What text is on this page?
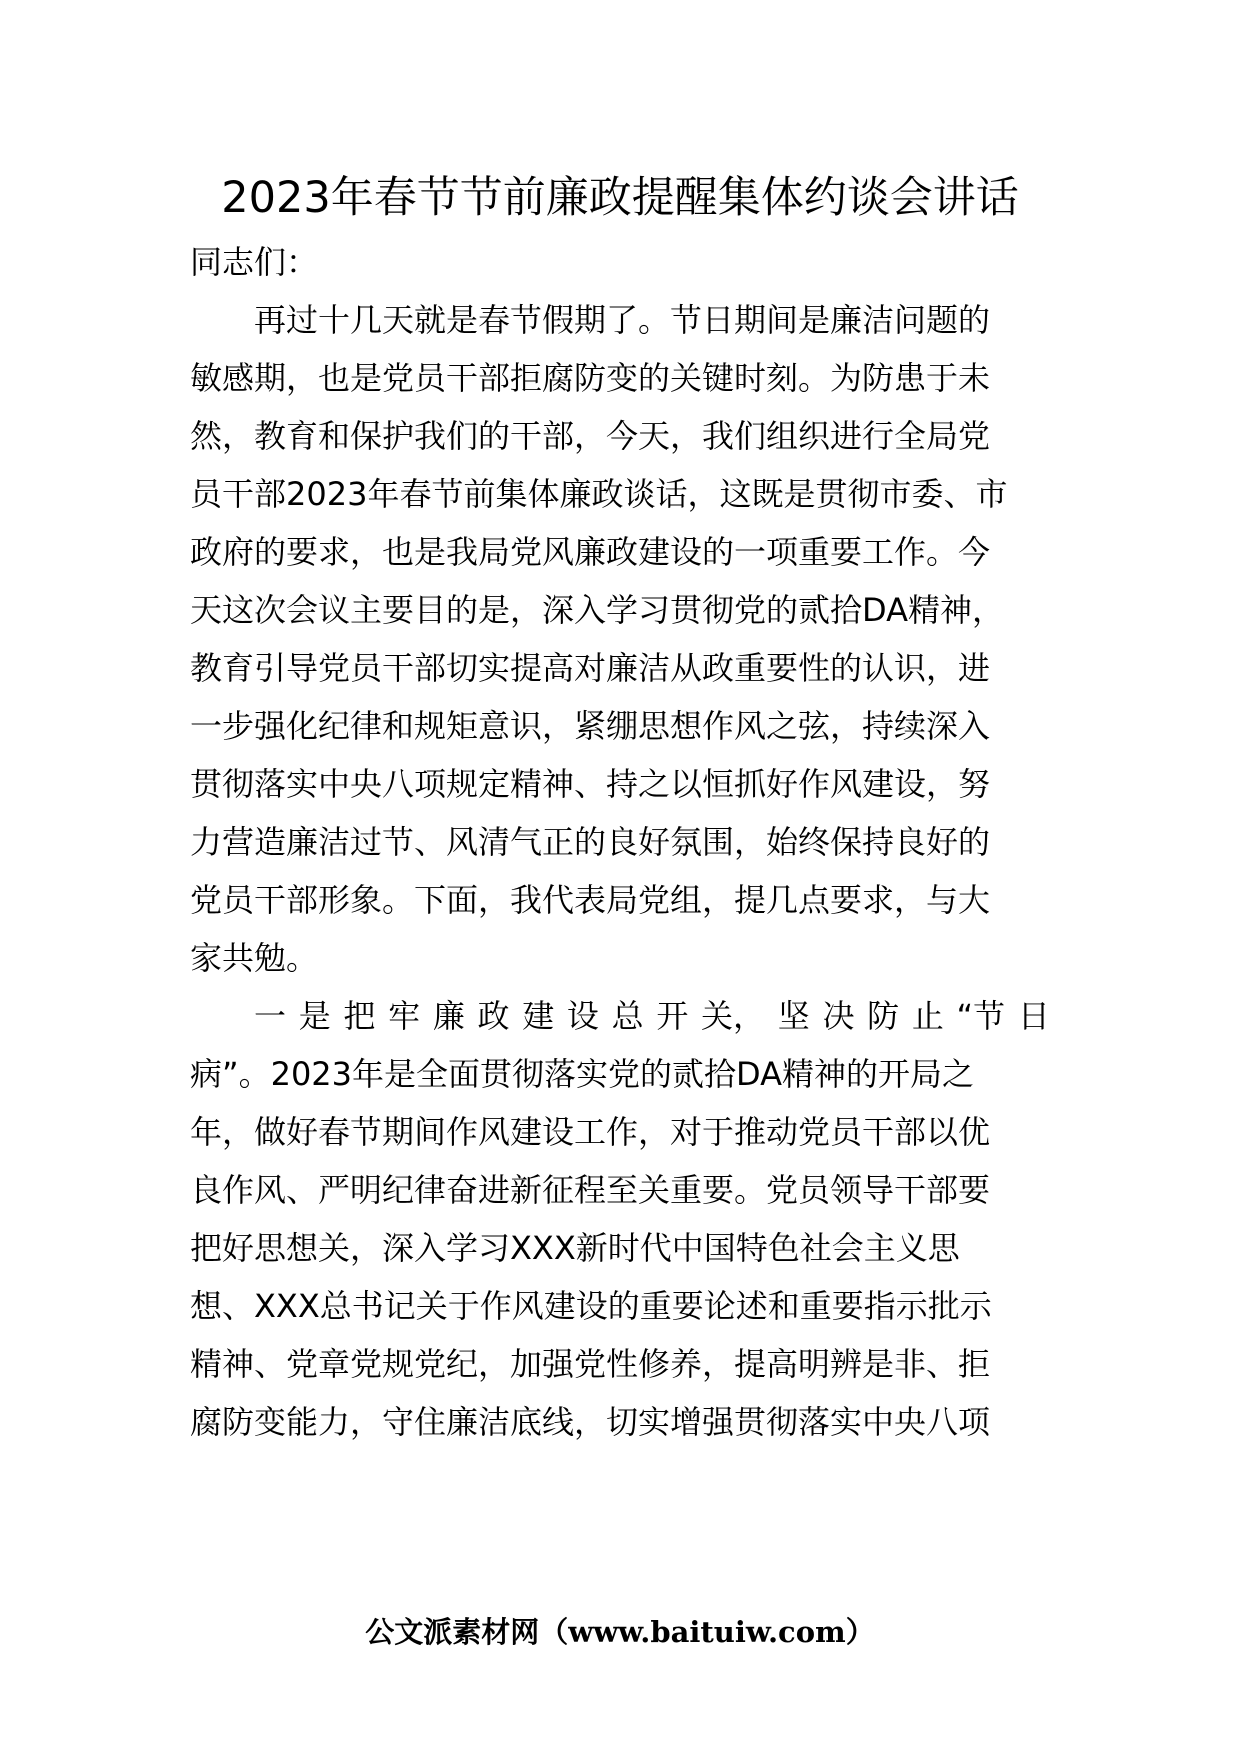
2023年春节节前廉政提醒集体约谈会讲话
同志们：
再过十几天就是春节假期了。节日期间是廉洁问题的
敏感期，也是党员干部拒腐防变的关键时刻。为防患于未
然，教育和保护我们的干部，今天，我们组织进行全局党
员干部2023年春节前集体廉政谈话，这既是贯彻市委、市
政府的要求，也是我局党风廉政建设的一项重要工作。今
天这次会议主要目的是，深入学习贯彻党的贰拾DA精神，
教育引导党员干部切实提高对廉洁从政重要性的认识，进
一步强化纪律和规矩意识，紧绷思想作风之弦，持续深入
贯彻落实中央八项规定精神、持之以恒抓好作风建设，努
力营造廉洁过节、风清气正的良好氛围，始终保持良好的
党员干部形象。下面，我代表局党组，提几点要求，与大
家共勉。
一 是 把 牢 廉 政 建 设 总 开 关， 坚 决 防 止 “节 日
病”。2023年是全面贯彻落实党的贰拾DA精神的开局之
年，做好春节期间作风建设工作，对于推动党员干部以优
良作风、严明纪律奋进新征程至关重要。党员领导干部要
把好思想关，深入学习XXX新时代中国特色社会主义思
想、XXX总书记关于作风建设的重要论述和重要指示批示
精神、党章党规党纪，加强党性修养，提高明辨是非、拒
腐防变能力，守住廉洁底线，切实增强贯彻落实中央八项
公文派素材网（www.baituiw.com）
